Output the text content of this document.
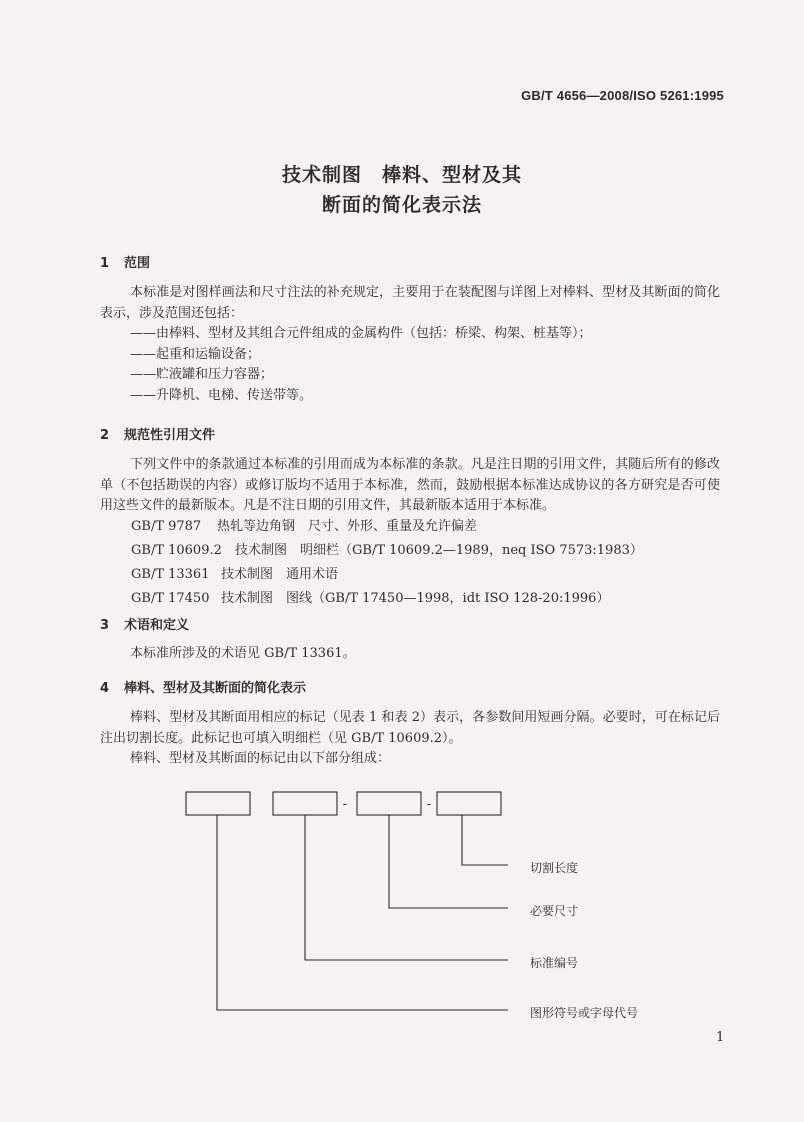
GB/T 4656—2008/ISO 5261:1995
技术制图　棒料、型材及其
断面的简化表示法
1 范围

本标准是对图样画法和尺寸注法的补充规定，主要用于在装配图与详图上对棒料、型材及其断面的简化表示，涉及范围还包括：

——由棒料、型材及其组合元件组成的金属构件（包括：桥梁、构架、桩基等）；

——起重和运输设备；

——贮液罐和压力容器；

——升降机、电梯、传送带等。

2 规范性引用文件

下列文件中的条款通过本标准的引用而成为本标准的条款。凡是注日期的引用文件，其随后所有的修改单（不包括勘误的内容）或修订版均不适用于本标准，然而，鼓励根据本标准达成协议的各方研究是否可使用这些文件的最新版本。凡是不注日期的引用文件，其最新版本适用于本标准。

GB/T 9787 热轧等边角钢　尺寸、外形、重量及允许偏差

GB/T 10609.2 技术制图　明细栏（GB/T 10609.2—1989，neq ISO 7573:1983）

GB/T 13361 技术制图　通用术语

GB/T 17450 技术制图　图线（GB/T 17450—1998，idt ISO 128-20:1996）

3 术语和定义

本标准所涉及的术语见 GB/T 13361。

4 棒料、型材及其断面的简化表示

棒料、型材及其断面用相应的标记（见表 1 和表 2）表示，各参数间用短画分隔。必要时，可在标记后注出切割长度。此标记也可填入明细栏（见 GB/T 10609.2）。

棒料、型材及其断面的标记由以下部分组成：

-	-
切割长度
必要尺寸
标准编号
图形符号或字母代号
1
